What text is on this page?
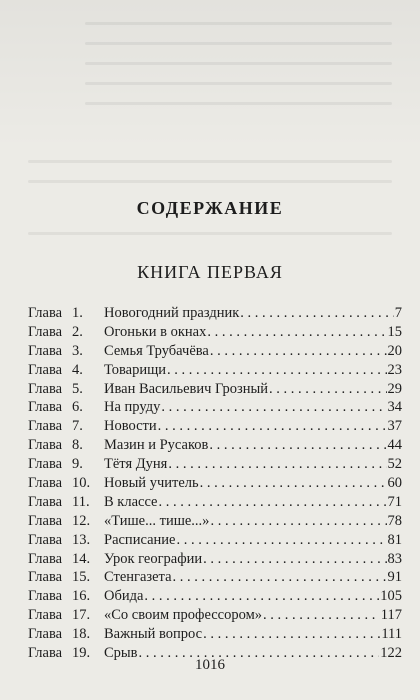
СОДЕРЖАНИЕ
КНИГА ПЕРВАЯ
Глава 1.	Новогодний праздник . . .	7
Глава 2.	Огоньки в окнах . . .	15
Глава 3.	Семья Трубачёва . . .	20
Глава 4.	Товарищи . . .	23
Глава 5.	Иван Васильевич Грозный . . .	29
Глава 6.	На пруду . . .	34
Глава 7.	Новости . . .	37
Глава 8.	Мазин и Русаков . . .	44
Глава 9.	Тётя Дуня . . .	52
Глава 10. Новый учитель . . .	60
Глава 11. В классе . . .	71
Глава 12. «Тише... тише...» . . .	78
Глава 13. Расписание . . .	81
Глава 14. Урок географии . . .	83
Глава 15. Стенгазета . . .	91
Глава 16. Обида . . .	105
Глава 17. «Со своим профессором» . . .	117
Глава 18. Важный вопрос . . .	111
Глава 19. Срыв . . .	122
1016
